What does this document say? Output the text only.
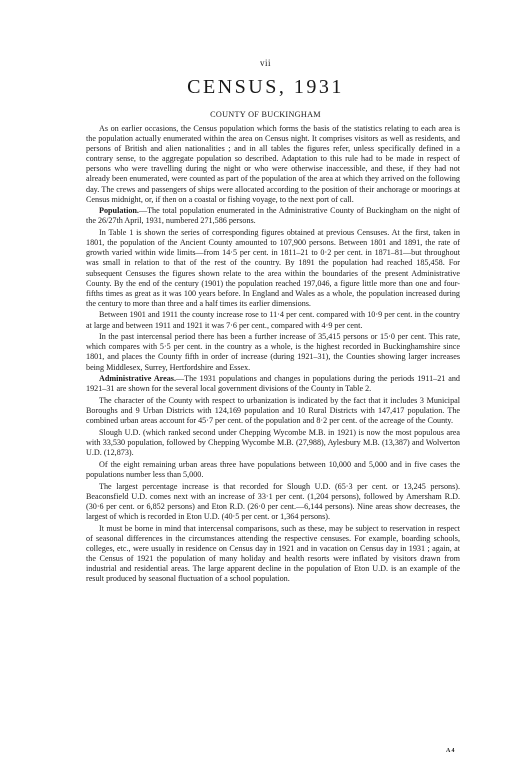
vii
CENSUS, 1931
COUNTY OF BUCKINGHAM

As on earlier occasions, the Census population which forms the basis of the statistics relating to each area is the population actually enumerated within the area on Census night. It comprises visitors as well as residents, and persons of British and alien nationalities ; and in all tables the figures refer, unless specifically defined in a contrary sense, to the aggregate population so described. Adaptation to this rule had to be made in respect of persons who were travelling during the night or who were otherwise inaccessible, and these, if they had not already been enumerated, were counted as part of the population of the area at which they arrived on the following day. The crews and passengers of ships were allocated according to the position of their anchorage or moorings at Census midnight, or, if then on a coastal or fishing voyage, to the next port of call.

Population.—The total population enumerated in the Administrative County of Buckingham on the night of the 26/27th April, 1931, numbered 271,586 persons.

In Table 1 is shown the series of corresponding figures obtained at previous Censuses. At the first, taken in 1801, the population of the Ancient County amounted to 107,900 persons. Between 1801 and 1891, the rate of growth varied within wide limits—from 14·5 per cent. in 1811–21 to 0·2 per cent. in 1871–81—but throughout was small in relation to that of the rest of the country. By 1891 the population had reached 185,458. For subsequent Censuses the figures shown relate to the area within the boundaries of the present Administrative County. By the end of the century (1901) the population reached 197,046, a figure little more than one and four-fifths times as great as it was 100 years before. In England and Wales as a whole, the population increased during the century to more than three and a half times its earlier dimensions.

Between 1901 and 1911 the county increase rose to 11·4 per cent. compared with 10·9 per cent. in the country at large and between 1911 and 1921 it was 7·6 per cent., compared with 4·9 per cent.

In the past intercensal period there has been a further increase of 35,415 persons or 15·0 per cent. This rate, which compares with 5·5 per cent. in the country as a whole, is the highest recorded in Buckinghamshire since 1801, and places the County fifth in order of increase (during 1921–31), the Counties showing larger increases being Middlesex, Surrey, Hertfordshire and Essex.

Administrative Areas.—The 1931 populations and changes in populations during the periods 1911–21 and 1921–31 are shown for the several local government divisions of the County in Table 2.

The character of the County with respect to urbanization is indicated by the fact that it includes 3 Municipal Boroughs and 9 Urban Districts with 124,169 population and 10 Rural Districts with 147,417 population. The combined urban areas account for 45·7 per cent. of the population and 8·2 per cent. of the acreage of the County.

Slough U.D. (which ranked second under Chepping Wycombe M.B. in 1921) is now the most populous area with 33,530 population, followed by Chepping Wycombe M.B. (27,988), Aylesbury M.B. (13,387) and Wolverton U.D. (12,873).

Of the eight remaining urban areas three have populations between 10,000 and 5,000 and in five cases the populations number less than 5,000.

The largest percentage increase is that recorded for Slough U.D. (65·3 per cent. or 13,245 persons). Beaconsfield U.D. comes next with an increase of 33·1 per cent. (1,204 persons), followed by Amersham R.D. (30·6 per cent. or 6,852 persons) and Eton R.D. (26·0 per cent.—6,144 persons). Nine areas show decreases, the largest of which is recorded in Eton U.D. (40·5 per cent. or 1,364 persons).

It must be borne in mind that intercensal comparisons, such as these, may be subject to reservation in respect of seasonal differences in the circumstances attending the respective censuses. For example, boarding schools, colleges, etc., were usually in residence on Census day in 1921 and in vacation on Census day in 1931 ; again, at the Census of 1921 the population of many holiday and health resorts were inflated by visitors drawn from industrial and residential areas. The large apparent decline in the population of Eton U.D. is an example of the result produced by seasonal fluctuation of a school population.

A 4
